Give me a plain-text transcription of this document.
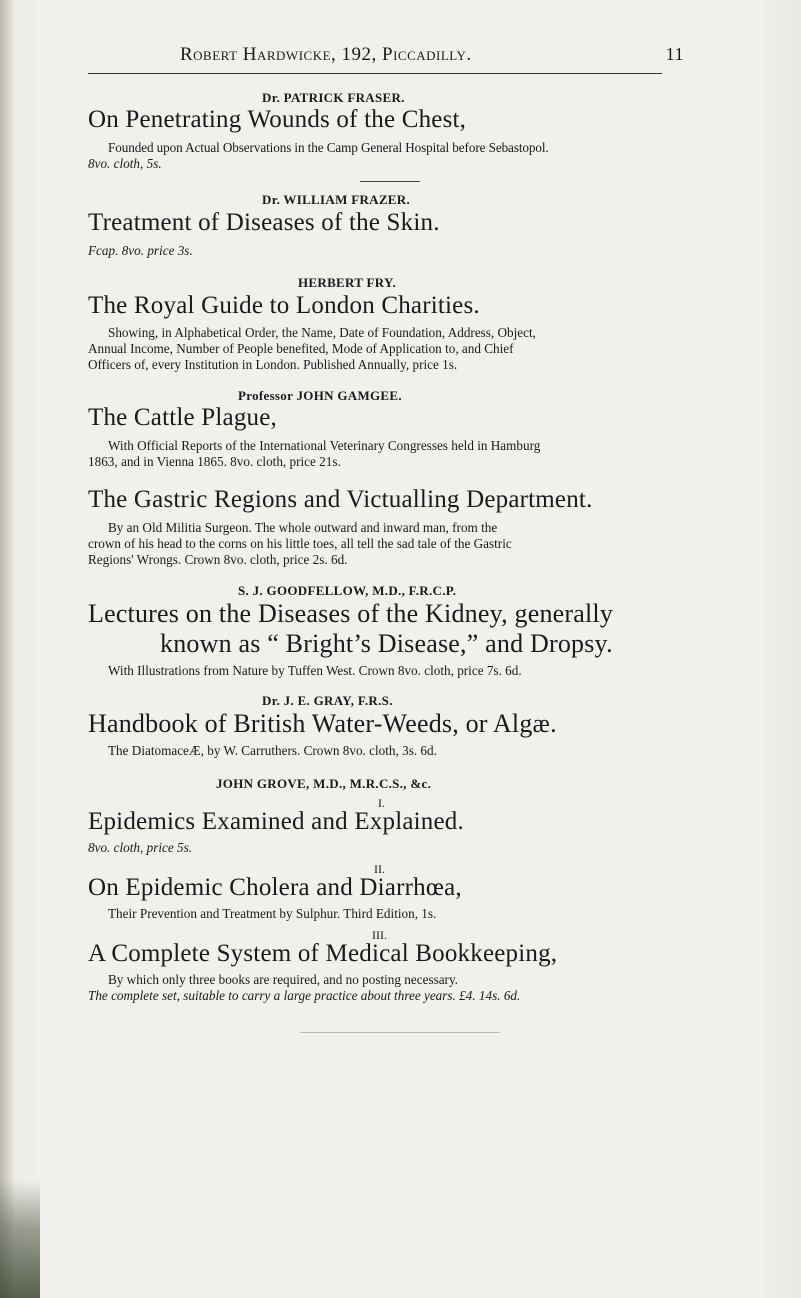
Robert Hardwicke, 192, Piccadilly.	11
Dr. PATRICK FRASER.
On Penetrating Wounds of the Chest,
Founded upon Actual Observations in the Camp General Hospital before Sebastopol.
8vo. cloth, 5s.
Dr. WILLIAM FRAZER.
Treatment of Diseases of the Skin.
Fcap. 8vo. price 3s.
HERBERT FRY.
The Royal Guide to London Charities.
Showing, in Alphabetical Order, the Name, Date of Foundation, Address, Object,
Annual Income, Number of People benefited, Mode of Application to, and Chief
Officers of, every Institution in London. Published Annually, price 1s.
Professor JOHN GAMGEE.
The Cattle Plague,
With Official Reports of the International Veterinary Congresses held in Hamburg
1863, and in Vienna 1865. 8vo. cloth, price 21s.
The Gastric Regions and Victualling Department.
By an Old Militia Surgeon. The whole outward and inward man, from the
crown of his head to the corns on his little toes, all tell the sad tale of the Gastric
Regions' Wrongs. Crown 8vo. cloth, price 2s. 6d.
S. J. GOODFELLOW, M.D., F.R.C.P.
Lectures on the Diseases of the Kidney, generally
known as “ Bright’s Disease,” and Dropsy.
With Illustrations from Nature by Tuffen West. Crown 8vo. cloth, price 7s. 6d.
Dr. J. E. GRAY, F.R.S.
Handbook of British Water-Weeds, or Algæ.
The DiatomaceÆ, by W. Carruthers. Crown 8vo. cloth, 3s. 6d.
JOHN GROVE, M.D., M.R.C.S., &c.
I.
Epidemics Examined and Explained.
8vo. cloth, price 5s.
II.
On Epidemic Cholera and Diarrhœa,
Their Prevention and Treatment by Sulphur. Third Edition, 1s.
III.
A Complete System of Medical Bookkeeping,
By which only three books are required, and no posting necessary.
The complete set, suitable to carry a large practice about three years. £4. 14s. 6d.
